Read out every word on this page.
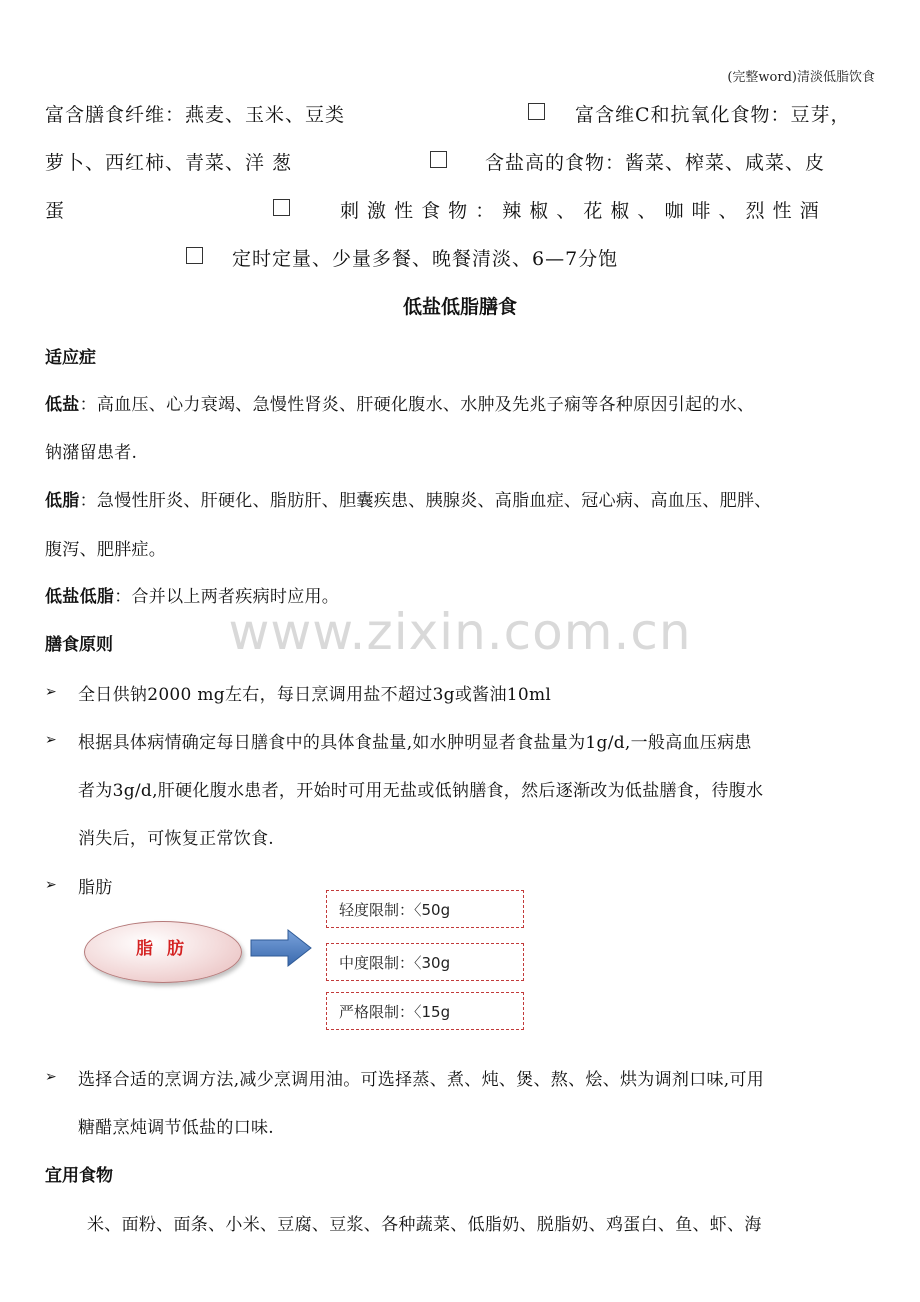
(完整word)清淡低脂饮食
富含膳食纤维：燕麦、玉米、豆类	富含维C和抗氧化食物：豆芽，
萝卜、西红柿、青菜、洋 葱	含盐高的食物：酱菜、榨菜、咸菜、皮
蛋	刺 激 性 食 物 ： 辣 椒 、 花 椒 、 咖 啡 、 烈 性 酒
定时定量、少量多餐、晚餐清淡、6—7分饱
低盐低脂膳食
适应症
低盐：高血压、心力衰竭、急慢性肾炎、肝硬化腹水、水肿及先兆子痫等各种原因引起的水、
钠潴留患者.
低脂：急慢性肝炎、肝硬化、脂肪肝、胆囊疾患、胰腺炎、高脂血症、冠心病、高血压、肥胖、
腹泻、肥胖症。
低盐低脂：合并以上两者疾病时应用。
www.zixin.com.cn
膳食原则
➢ 全日供钠2000 mg左右，每日烹调用盐不超过3g或酱油10ml
➢ 根据具体病情确定每日膳食中的具体食盐量,如水肿明显者食盐量为1g/d,一般高血压病患
者为3g/d,肝硬化腹水患者，开始时可用无盐或低钠膳食，然后逐渐改为低盐膳食，待腹水
消失后，可恢复正常饮食.
➢ 脂肪
脂 肪
轻度限制：〈50g
中度限制：〈30g
严格限制：〈15g
➢ 选择合适的烹调方法,减少烹调用油。可选择蒸、煮、炖、煲、熬、烩、烘为调剂口味,可用
糖醋烹炖调节低盐的口味.
宜用食物
米、面粉、面条、小米、豆腐、豆浆、各种蔬菜、低脂奶、脱脂奶、鸡蛋白、鱼、虾、海
